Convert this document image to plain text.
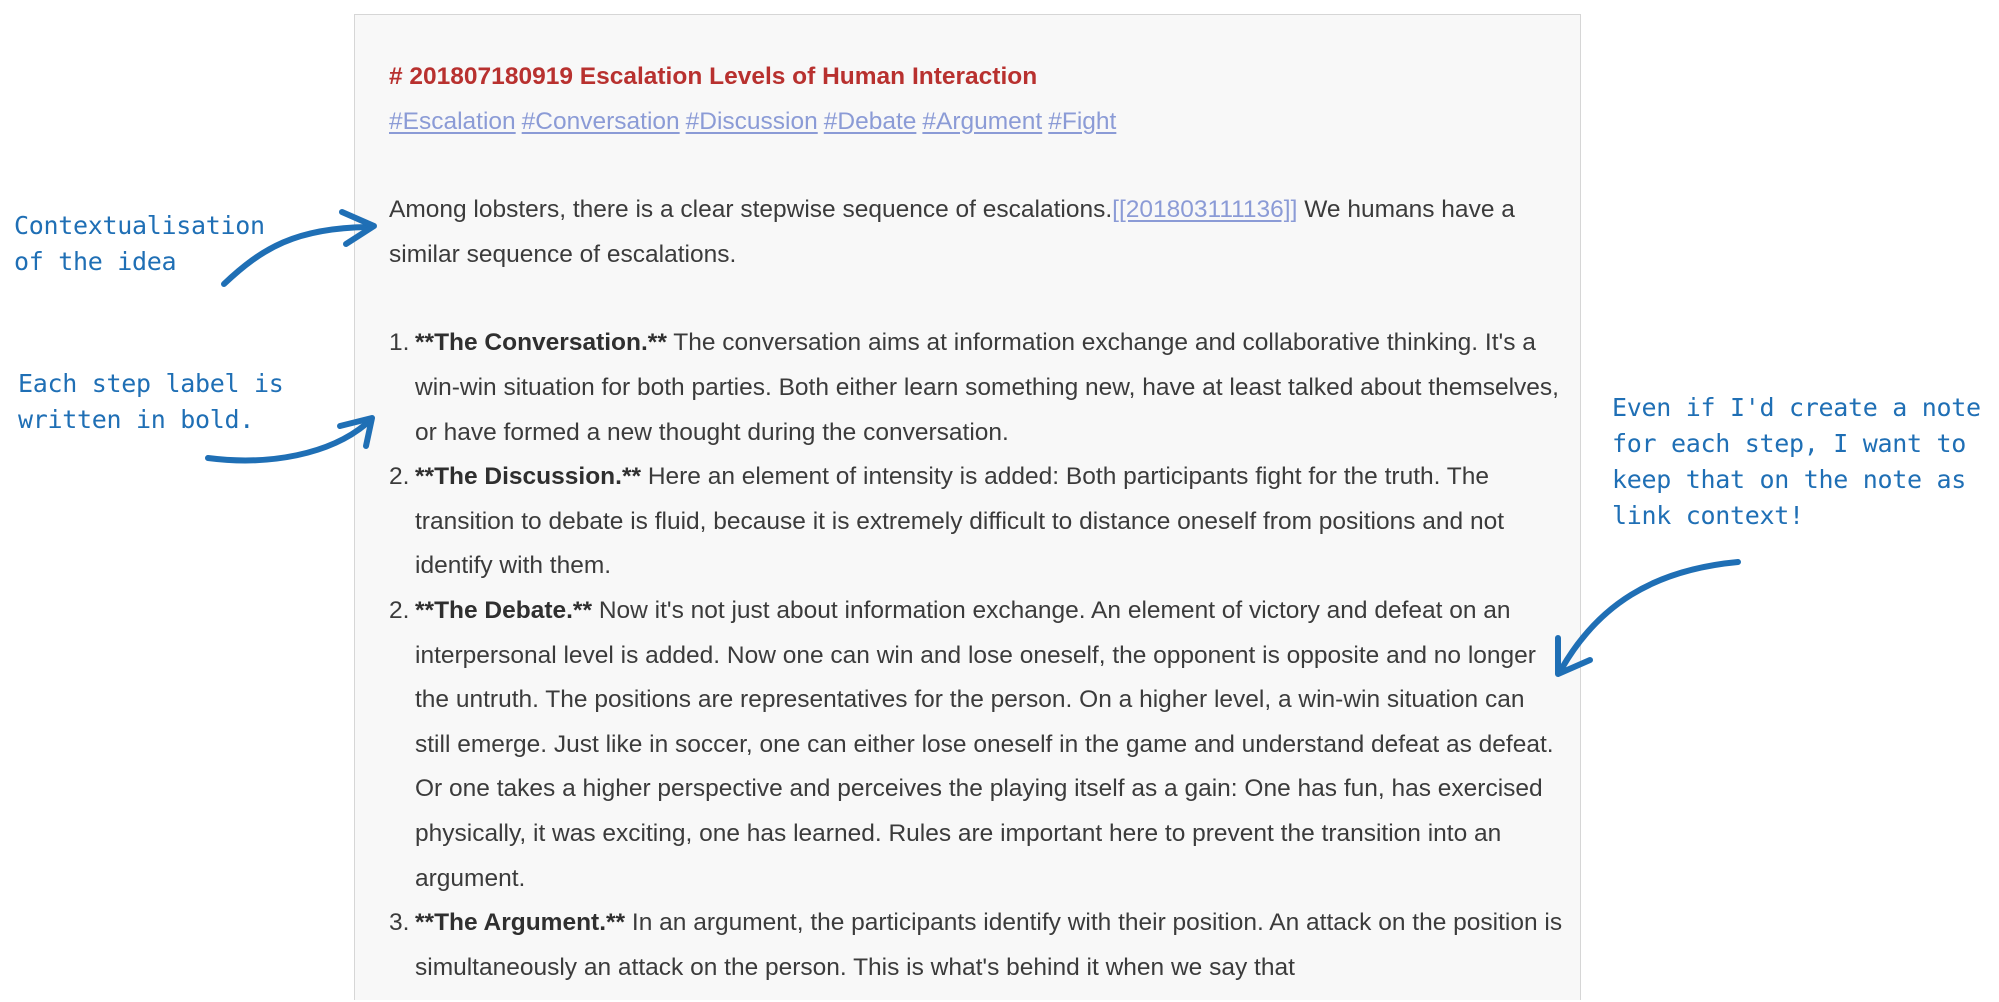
# 201807180919 Escalation Levels of Human Interaction

#Escalation #Conversation #Discussion #Debate #Argument #Fight

Among lobsters, there is a clear stepwise sequence of escalations.[[201803111136]] We humans have a similar sequence of escalations.

1. **The Conversation.** The conversation aims at information exchange and collaborative thinking. It's a win-win situation for both parties. Both either learn something new, have at least talked about themselves, or have formed a new thought during the conversation.
2. **The Discussion.** Here an element of intensity is added: Both participants fight for the truth. The transition to debate is fluid, because it is extremely difficult to distance oneself from positions and not identify with them.
2. **The Debate.** Now it's not just about information exchange. An element of victory and defeat on an interpersonal level is added. Now one can win and lose oneself, the opponent is opposite and no longer the untruth. The positions are representatives for the person. On a higher level, a win-win situation can still emerge. Just like in soccer, one can either lose oneself in the game and understand defeat as defeat. Or one takes a higher perspective and perceives the playing itself as a gain: One has fun, has exercised physically, it was exciting, one has learned. Rules are important here to prevent the transition into an argument.
3. **The Argument.** In an argument, the participants identify with their position. An attack on the position is simultaneously an attack on the person. This is what's behind it when we say that
Contextualisation
of the idea
Each step label is
written in bold.	Even if I'd create a note
for each step, I want to
keep that on the note as
link context!
